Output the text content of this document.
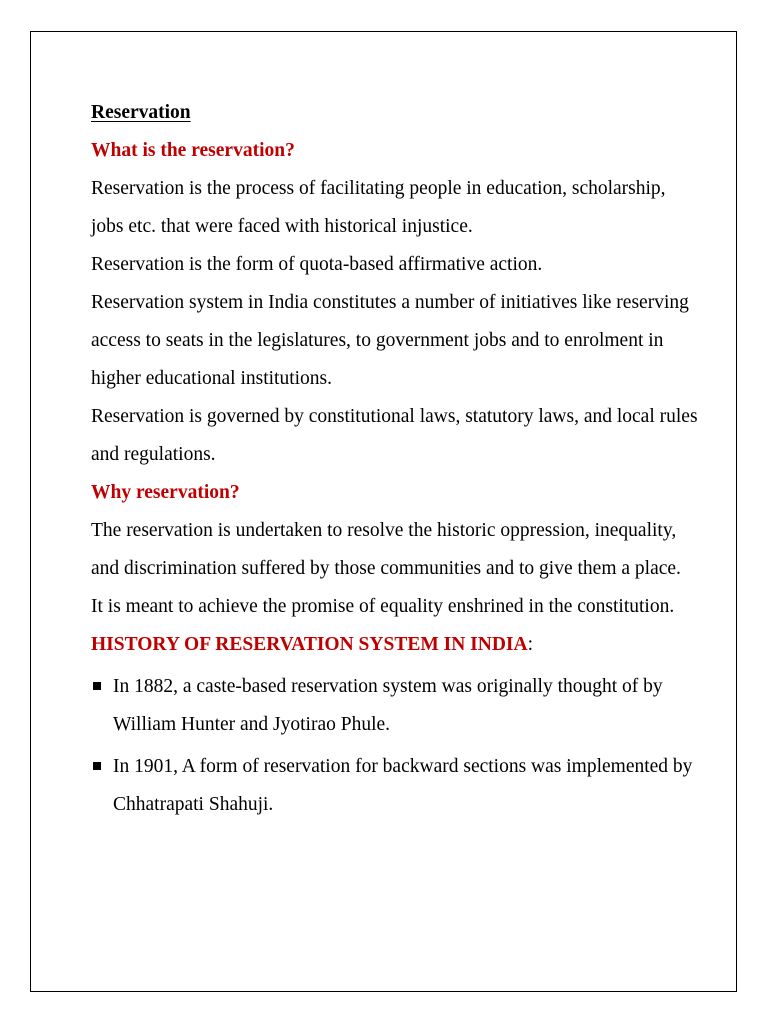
Reservation
What is the reservation?

Reservation is the process of facilitating people in education, scholarship, jobs etc. that were faced with historical injustice.

Reservation is the form of quota-based affirmative action.

Reservation system in India constitutes a number of initiatives like reserving access to seats in the legislatures, to government jobs and to enrolment in higher educational institutions.

Reservation is governed by constitutional laws, statutory laws, and local rules and regulations.

Why reservation?

The reservation is undertaken to resolve the historic oppression, inequality, and discrimination suffered by those communities and to give them a place.

It is meant to achieve the promise of equality enshrined in the constitution.

HISTORY OF RESERVATION SYSTEM IN INDIA:
In 1882, a caste-based reservation system was originally thought of by William Hunter and Jyotirao Phule.
In 1901, A form of reservation for backward sections was implemented by Chhatrapati Shahuji.
